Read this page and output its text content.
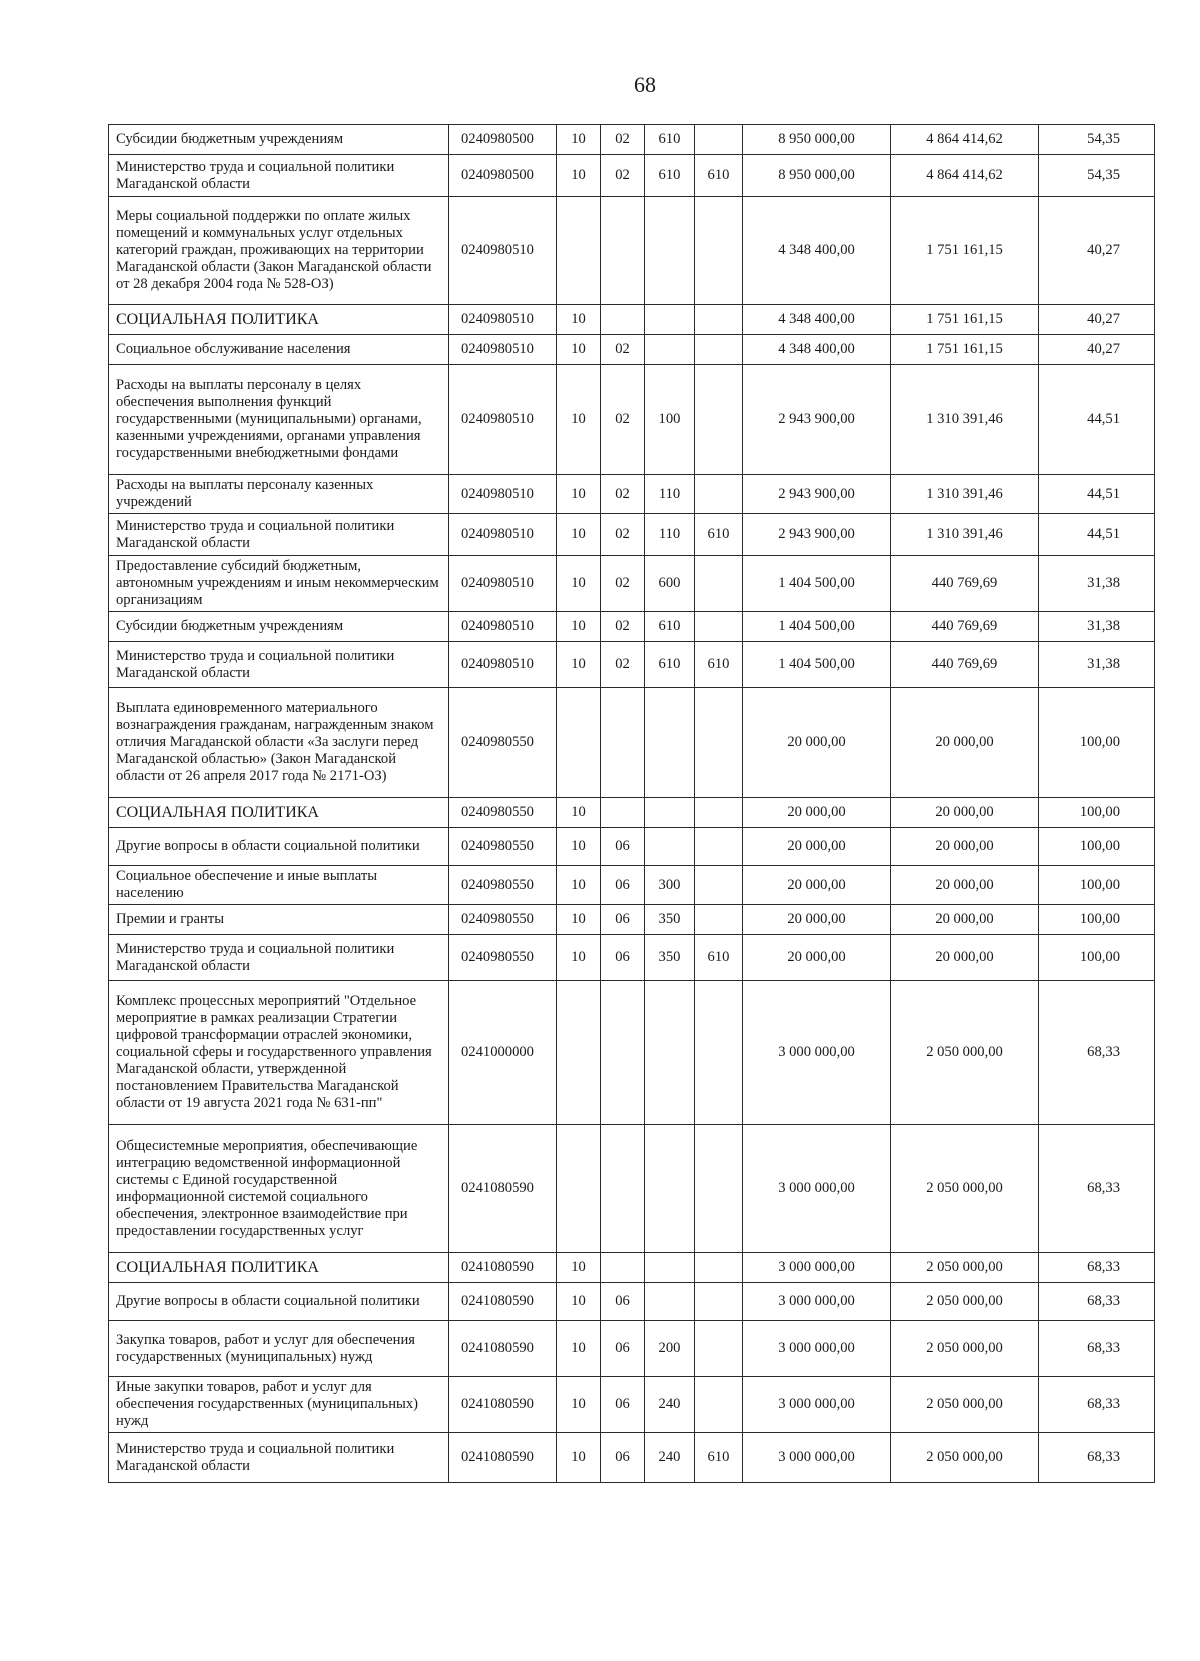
68
Субсидии бюджетным учреждениям	0240980500	10	02	610		8 950 000,00	4 864 414,62	54,35
Министерство труда и социальной политики Магаданской области	0240980500	10	02	610	610	8 950 000,00	4 864 414,62	54,35
Меры социальной поддержки по оплате жилых помещений и коммунальных услуг отдельных категорий граждан, проживающих на территории Магаданской области (Закон Магаданской области от 28 декабря 2004 года № 528-ОЗ)	0240980510					4 348 400,00	1 751 161,15	40,27
СОЦИАЛЬНАЯ ПОЛИТИКА	0240980510	10				4 348 400,00	1 751 161,15	40,27
Социальное обслуживание населения	0240980510	10	02			4 348 400,00	1 751 161,15	40,27
Расходы на выплаты персоналу в целях обеспечения выполнения функций государственными (муниципальными) органами, казенными учреждениями, органами управления государственными внебюджетными фондами	0240980510	10	02	100		2 943 900,00	1 310 391,46	44,51
Расходы на выплаты персоналу казенных учреждений	0240980510	10	02	110		2 943 900,00	1 310 391,46	44,51
Министерство труда и социальной политики Магаданской области	0240980510	10	02	110	610	2 943 900,00	1 310 391,46	44,51
Предоставление субсидий бюджетным, автономным учреждениям и иным некоммерческим организациям	0240980510	10	02	600		1 404 500,00	440 769,69	31,38
Субсидии бюджетным учреждениям	0240980510	10	02	610		1 404 500,00	440 769,69	31,38
Министерство труда и социальной политики Магаданской области	0240980510	10	02	610	610	1 404 500,00	440 769,69	31,38
Выплата единовременного материального вознаграждения гражданам, награжденным знаком отличия Магаданской области «За заслуги перед Магаданской областью» (Закон Магаданской области от 26 апреля 2017 года № 2171-ОЗ)	0240980550					20 000,00	20 000,00	100,00
СОЦИАЛЬНАЯ ПОЛИТИКА	0240980550	10				20 000,00	20 000,00	100,00
Другие вопросы в области социальной политики	0240980550	10	06			20 000,00	20 000,00	100,00
Социальное обеспечение и иные выплаты населению	0240980550	10	06	300		20 000,00	20 000,00	100,00
Премии и гранты	0240980550	10	06	350		20 000,00	20 000,00	100,00
Министерство труда и социальной политики Магаданской области	0240980550	10	06	350	610	20 000,00	20 000,00	100,00
Комплекс процессных мероприятий "Отдельное мероприятие в рамках реализации Стратегии цифровой трансформации отраслей экономики, социальной сферы и государственного управления Магаданской области, утвержденной постановлением Правительства Магаданской области от 19 августа 2021 года № 631-пп"	0241000000					3 000 000,00	2 050 000,00	68,33
Общесистемные мероприятия, обеспечивающие интеграцию ведомственной информационной системы с Единой государственной информационной системой социального обеспечения, электронное взаимодействие при предоставлении государственных услуг	0241080590					3 000 000,00	2 050 000,00	68,33
СОЦИАЛЬНАЯ ПОЛИТИКА	0241080590	10				3 000 000,00	2 050 000,00	68,33
Другие вопросы в области социальной политики	0241080590	10	06			3 000 000,00	2 050 000,00	68,33
Закупка товаров, работ и услуг для обеспечения государственных (муниципальных) нужд	0241080590	10	06	200		3 000 000,00	2 050 000,00	68,33
Иные закупки товаров, работ и услуг для обеспечения государственных (муниципальных) нужд	0241080590	10	06	240		3 000 000,00	2 050 000,00	68,33
Министерство труда и социальной политики Магаданской области	0241080590	10	06	240	610	3 000 000,00	2 050 000,00	68,33
